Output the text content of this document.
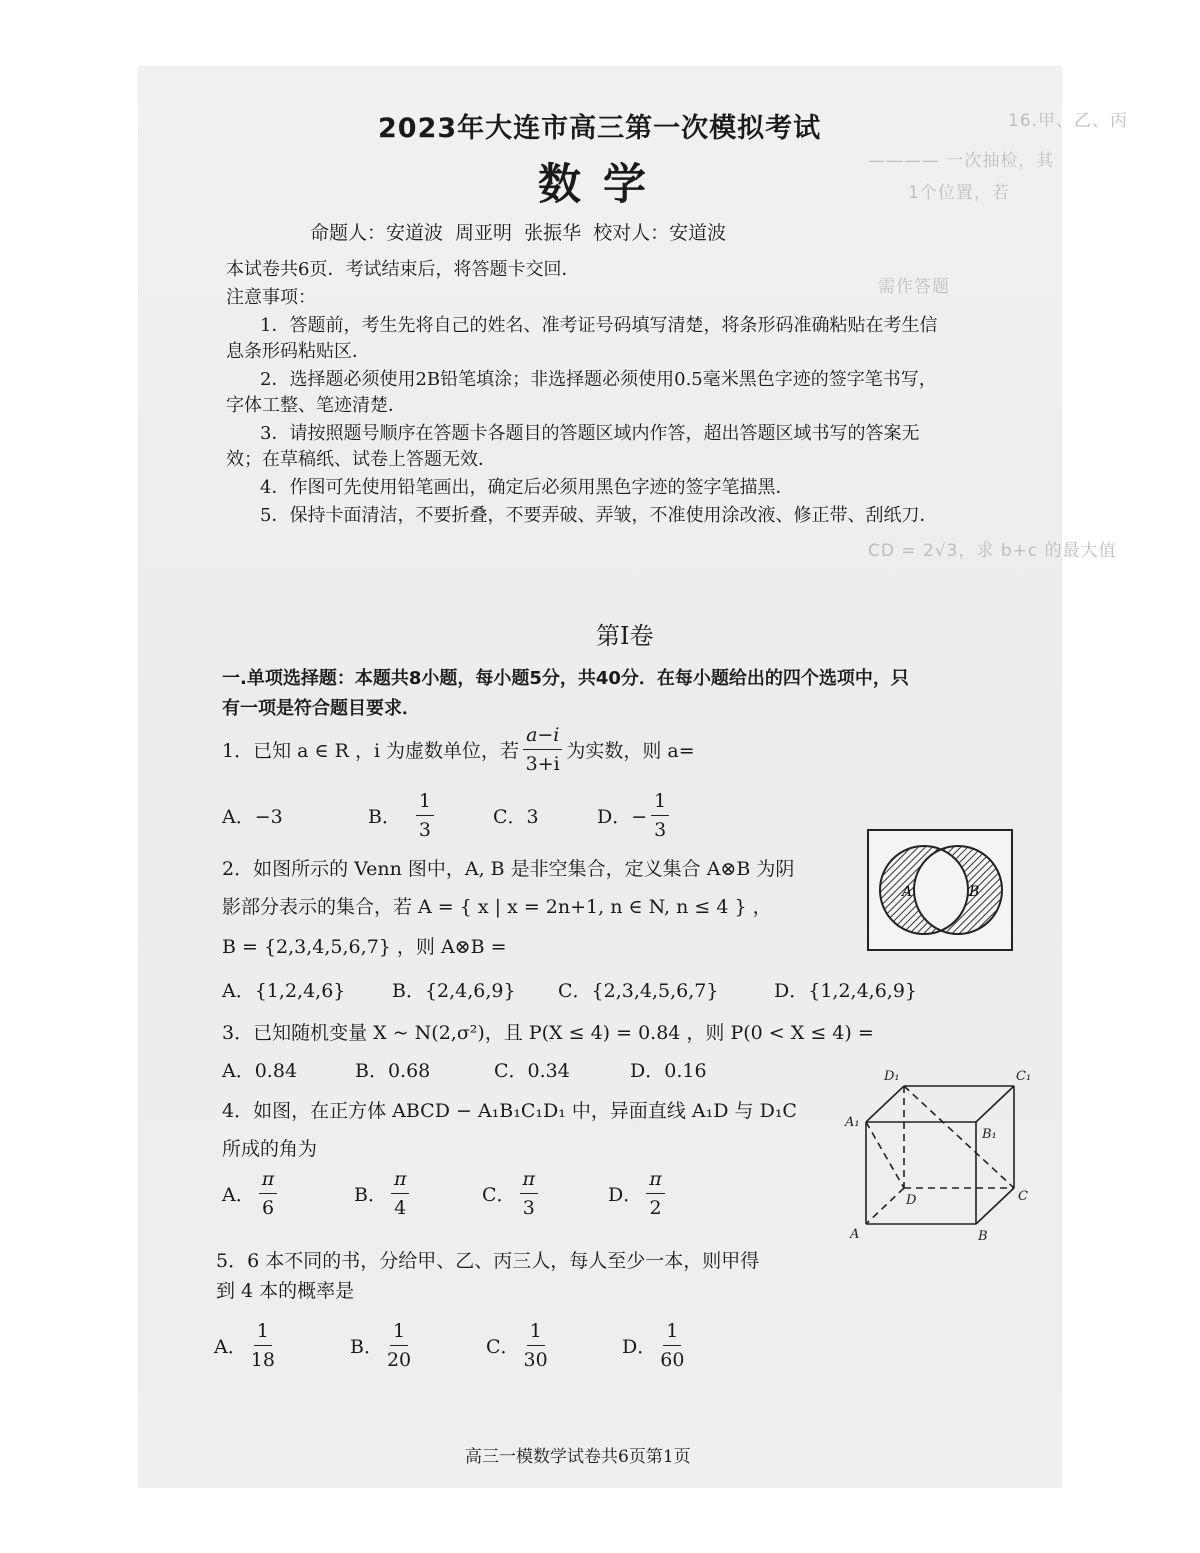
16.甲、乙、丙
———— 一次抽检，其
1个位置，若
需作答题
CD = 2√3，求 b+c 的最大值
2023年大连市高三第一次模拟考试
数学
命题人：安道波 周亚明 张振华 校对人：安道波
本试卷共6页．考试结束后，将答题卡交回．
注意事项：
1．答题前，考生先将自己的姓名、准考证号码填写清楚，将条形码准确粘贴在考生信
息条形码粘贴区．
2．选择题必须使用2B铅笔填涂；非选择题必须使用0.5毫米黑色字迹的签字笔书写，
字体工整、笔迹清楚．
3．请按照题号顺序在答题卡各题目的答题区域内作答，超出答题区域书写的答案无
效；在草稿纸、试卷上答题无效．
4．作图可先使用铅笔画出，确定后必须用黑色字迹的签字笔描黑．
5．保持卡面清洁，不要折叠，不要弄破、弄皱，不准使用涂改液、修正带、刮纸刀．
第Ⅰ卷
一.单项选择题：本题共8小题，每小题5分，共40分．在每小题给出的四个选项中，只
有一项是符合题目要求．
1．已知 a ∈ R ，i 为虚数单位，若 $\frac{a-i}{3+i}$ 为实数，则 a=
A．−3	B． $\frac{1}{3}$	C．3	D．− $\frac{1}{3}$
2．如图所示的 Venn 图中，A, B 是非空集合，定义集合 A⊗B 为阴
影部分表示的集合，若 A = { x | x = 2n+1, n ∈ N, n ≤ 4 } ，
B = {2,3,4,5,6,7} ，则 A⊗B =
A．{1,2,4,6}	B．{2,4,6,9}	C．{2,3,4,5,6,7}	D．{1,2,4,6,9}
A	B
3．已知随机变量 X ~ N(2,σ²)，且 P(X ≤ 4) = 0.84 ，则 P(0 < X ≤ 4) =
A．0.84	B．0.68	C．0.34	D．0.16
4．如图，在正方体 ABCD − A₁B₁C₁D₁ 中，异面直线 A₁D 与 D₁C
所成的角为
A． $\frac{\pi}{6}$	B． $\frac{\pi}{4}$	C． $\frac{\pi}{3}$	D． $\frac{\pi}{2}$
D₁	C₁
A₁
B₁
D	C
A	B
5．6 本不同的书，分给甲、乙、丙三人，每人至少一本，则甲得
到 4 本的概率是
A． $\frac{1}{18}$	B． $\frac{1}{20}$	C． $\frac{1}{30}$	D． $\frac{1}{60}$
高三一模数学试卷共6页第1页
